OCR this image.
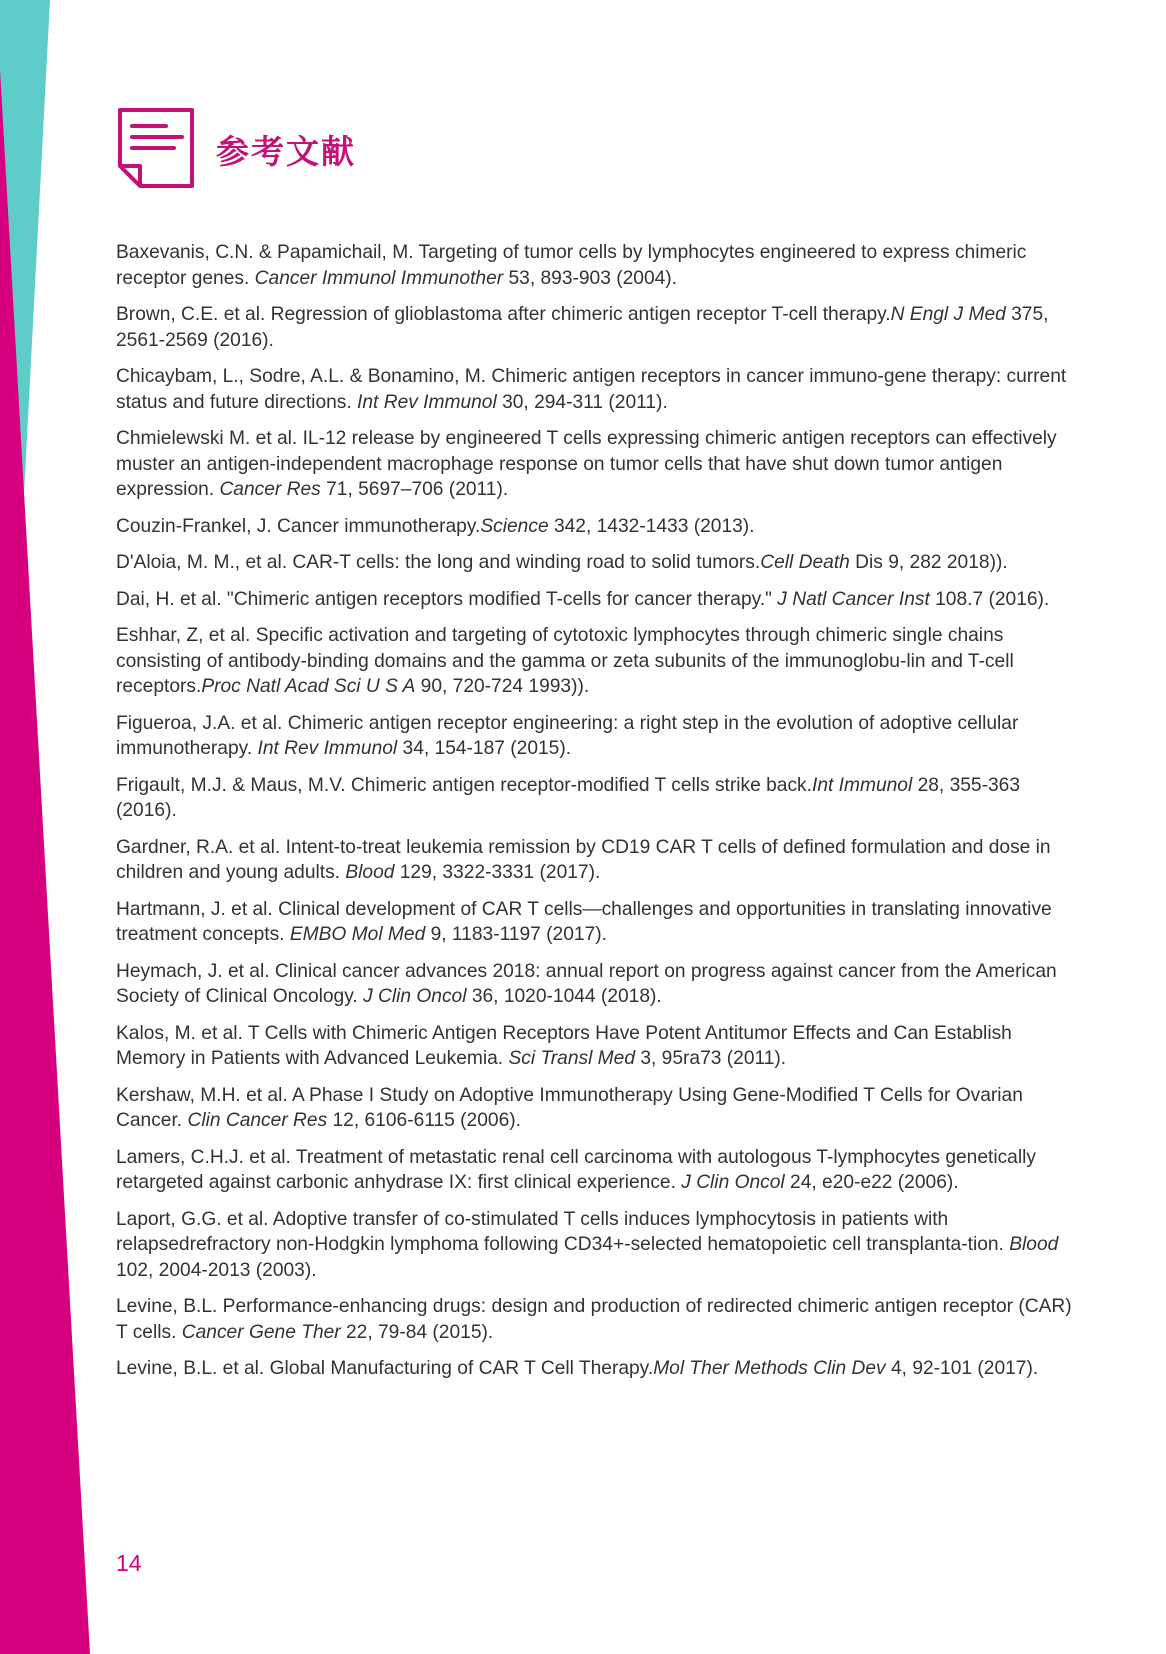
参考文献
Baxevanis, C.N. & Papamichail, M. Targeting of tumor cells by lymphocytes engineered to express chimeric receptor genes. Cancer Immunol Immunother 53, 893-903 (2004).
Brown, C.E. et al. Regression of glioblastoma after chimeric antigen receptor T-cell therapy.N Engl J Med 375, 2561-2569 (2016).
Chicaybam, L., Sodre, A.L. & Bonamino, M. Chimeric antigen receptors in cancer immuno-gene therapy: current status and future directions. Int Rev Immunol 30, 294-311 (2011).
Chmielewski M. et al. IL-12 release by engineered T cells expressing chimeric antigen receptors can effectively muster an antigen-independent macrophage response on tumor cells that have shut down tumor antigen expression. Cancer Res 71, 5697–706 (2011).
Couzin-Frankel, J. Cancer immunotherapy.Science 342, 1432-1433 (2013).
D'Aloia, M. M., et al. CAR-T cells: the long and winding road to solid tumors.Cell Death Dis 9, 282 2018)).
Dai, H. et al. "Chimeric antigen receptors modified T-cells for cancer therapy." J Natl Cancer Inst 108.7 (2016).
Eshhar, Z, et al. Specific activation and targeting of cytotoxic lymphocytes through chimeric single chains consisting of antibody-binding domains and the gamma or zeta subunits of the immunoglobu-lin and T-cell receptors.Proc Natl Acad Sci U S A 90, 720-724 1993)).
Figueroa, J.A. et al. Chimeric antigen receptor engineering: a right step in the evolution of adoptive cellular immunotherapy. Int Rev Immunol 34, 154-187 (2015).
Frigault, M.J. & Maus, M.V. Chimeric antigen receptor-modified T cells strike back.Int Immunol 28, 355-363 (2016).
Gardner, R.A. et al. Intent-to-treat leukemia remission by CD19 CAR T cells of defined formulation and dose in children and young adults. Blood 129, 3322-3331 (2017).
Hartmann, J. et al. Clinical development of CAR T cells—challenges and opportunities in translating innovative treatment concepts. EMBO Mol Med 9, 1183-1197 (2017).
Heymach, J. et al. Clinical cancer advances 2018: annual report on progress against cancer from the American Society of Clinical Oncology. J Clin Oncol 36, 1020-1044 (2018).
Kalos, M. et al. T Cells with Chimeric Antigen Receptors Have Potent Antitumor Effects and Can Establish Memory in Patients with Advanced Leukemia. Sci Transl Med 3, 95ra73 (2011).
Kershaw, M.H. et al. A Phase I Study on Adoptive Immunotherapy Using Gene-Modified T Cells for Ovarian Cancer. Clin Cancer Res 12, 6106-6115 (2006).
Lamers, C.H.J. et al. Treatment of metastatic renal cell carcinoma with autologous T-lymphocytes genetically retargeted against carbonic anhydrase IX: first clinical experience. J Clin Oncol 24, e20-e22 (2006).
Laport, G.G. et al. Adoptive transfer of co-stimulated T cells induces lymphocytosis in patients with relapsedrefractory non-Hodgkin lymphoma following CD34+-selected hematopoietic cell transplanta-tion. Blood 102, 2004-2013 (2003).
Levine, B.L. Performance-enhancing drugs: design and production of redirected chimeric antigen receptor (CAR) T cells. Cancer Gene Ther 22, 79-84 (2015).
Levine, B.L. et al. Global Manufacturing of CAR T Cell Therapy.Mol Ther Methods Clin Dev 4, 92-101 (2017).
14
